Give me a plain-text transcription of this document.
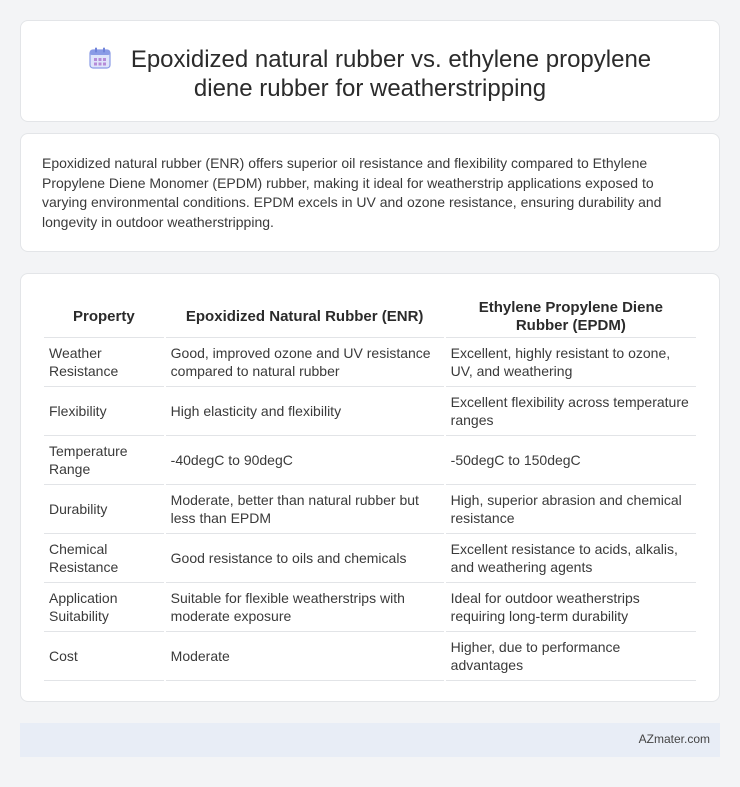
Epoxidized natural rubber vs. ethylene propylene diene rubber for weatherstripping

Epoxidized natural rubber (ENR) offers superior oil resistance and flexibility compared to Ethylene Propylene Diene Monomer (EPDM) rubber, making it ideal for weatherstrip applications exposed to varying environmental conditions. EPDM excels in UV and ozone resistance, ensuring durability and longevity in outdoor weatherstripping.

Property	Epoxidized Natural Rubber (ENR)	Ethylene Propylene Diene Rubber (EPDM)
Weather Resistance	Good, improved ozone and UV resistance compared to natural rubber	Excellent, highly resistant to ozone, UV, and weathering
Flexibility	High elasticity and flexibility	Excellent flexibility across temperature ranges
Temperature Range	-40degC to 90degC	-50degC to 150degC
Durability	Moderate, better than natural rubber but less than EPDM	High, superior abrasion and chemical resistance
Chemical Resistance	Good resistance to oils and chemicals	Excellent resistance to acids, alkalis, and weathering agents
Application Suitability	Suitable for flexible weatherstrips with moderate exposure	Ideal for outdoor weatherstrips requiring long-term durability
Cost	Moderate	Higher, due to performance advantages
AZmater.com
